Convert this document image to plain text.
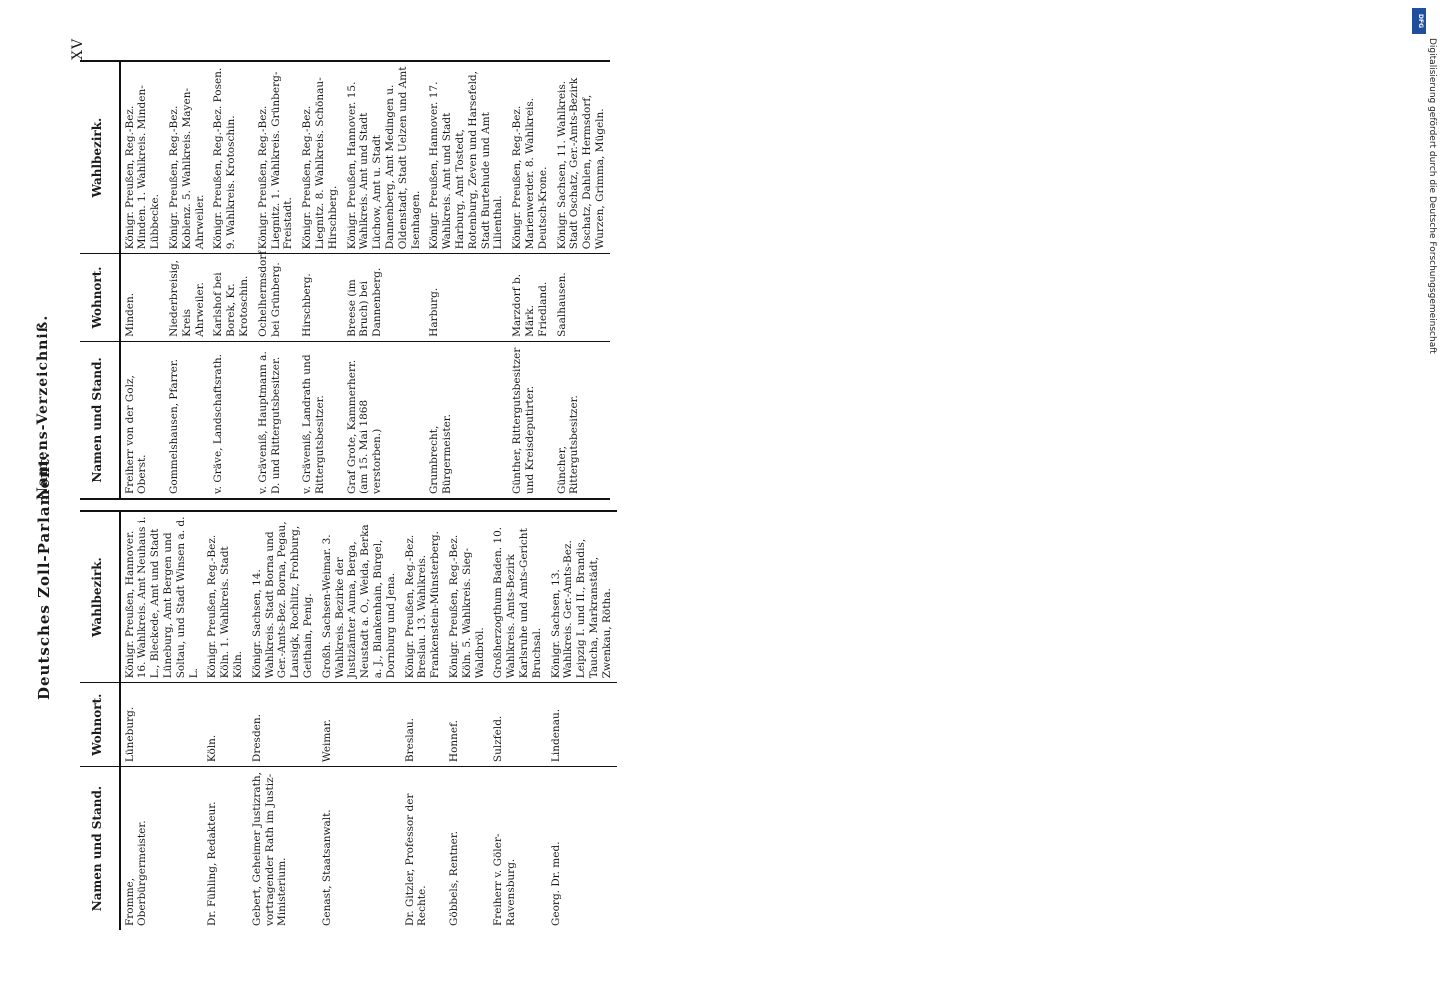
XV
Deutsches Zoll-Parlament.
Namens-Verzeichniß.
Namen und Stand.	Wohnort.	Wahlbezirk.
Fromme, Oberbürgermeister.	Lüneburg.	Königr. Preußen, Hannover. 16. Wahlkreis. Amt Neuhaus i. L., Bleckede, Amt und Stadt Lüneburg, Amt Bergen und Soltau, und Stadt Winsen a. d. L.
Dr. Fühling, Redakteur.	Köln.	Königr. Preußen, Reg.-Bez. Köln. 1. Wahlkreis. Stadt Köln.
Gebert, Geheimer Justizrath, vortragender Rath im Justiz-Ministerium.	Dresden.	Königr. Sachsen, 14. Wahlkreis. Stadt Borna und Ger.-Amts-Bez. Borna, Pegau, Lausigk, Rochlitz, Frohburg, Geithain, Penig.
Genast, Staatsanwalt.	Weimar.	Großh. Sachsen-Weimar. 3. Wahlkreis. Bezirke der Justizämter Auma, Berga, Neustadt a. O., Weida, Berka a. J., Blankenhain, Bürgel, Dornburg und Jena.
Dr. Gitzler, Professor der Rechte.	Breslau.	Königr. Preußen, Reg.-Bez. Breslau. 13. Wahlkreis. Frankenstein-Münsterberg.
Göbbels, Rentner.	Honnef.	Königr. Preußen, Reg.-Bez. Köln. 5. Wahlkreis. Sieg-Waldbröl.
Freiherr v. Göler-Ravensburg.	Sulzfeld.	Großherzogthum Baden. 10. Wahlkreis. Amts-Bezirk Karlsruhe und Amts-Gericht Bruchsal.
Georg. Dr. med.	Lindenau.	Königr. Sachsen, 13. Wahlkreis. Ger.-Amts-Bez. Leipzig I. und II., Brandis, Taucha, Markranstädt, Zwenkau, Rötha.
Namen und Stand.	Wohnort.	Wahlbezirk.
Freiherr von der Golz, Oberst.	Minden.	Königr. Preußen, Reg.-Bez. Minden. 1. Wahlkreis. Minden-Lübbecke.
Gommelshausen, Pfarrer.	Niederbreisig, Kreis Ahrweiler.	Königr. Preußen, Reg.-Bez. Koblenz. 5. Wahlkreis. Mayen-Ahrweiler.
v. Gräve, Landschaftsrath.	Karlshof bei Borek, Kr. Krotoschin.	Königr. Preußen, Reg.-Bez. Posen. 9. Wahlkreis. Krotoschin.
v. Gräveniß, Hauptmann a. D. und Rittergutsbesitzer.	Ochelhermsdorf bei Grünberg.	Königr. Preußen, Reg.-Bez. Liegnitz. 1. Wahlkreis. Grünberg-Freistadt.
v. Gräveniß, Landrath und Rittergutsbesitzer.	Hirschberg.	Königr. Preußen, Reg.-Bez. Liegnitz. 8. Wahlkreis. Schönau-Hirschberg.
Graf Grote, Kammerherr. (am 15. Mai 1868 verstorben.)	Breese (im Bruch) bei Dannenberg.	Königr. Preußen, Hannover. 15. Wahlkreis. Amt und Stadt Lüchow, Amt u. Stadt Dannenberg, Amt Medingen u. Oldenstadt, Stadt Uelzen und Amt Isenhagen.
Grumbrecht, Bürgermeister.	Harburg.	Königr. Preußen, Hannover. 17. Wahlkreis. Amt und Stadt Harburg, Amt Tostedt, Rotenburg, Zeven und Harsefeld, Stadt Burtehude und Amt Lilienthal.
Günther, Rittergutsbesitzer und Kreisdeputirter.	Marzdorf b. Märk. Friedland.	Königr. Preußen, Reg.-Bez. Marienwerder. 8. Wahlkreis. Deutsch-Krone.
Güncher, Rittergutsbesitzer.	Saalhausen.	Königr. Sachsen, 11. Wahlkreis. Stadt Oschatz, Ger.-Amts-Bezirk Oschatz, Dahlen, Hermsdorf, Wurzen, Grimma, Mügeln.
DFG
Digitalisierung gefördert durch die Deutsche Forschungsgemeinschaft
